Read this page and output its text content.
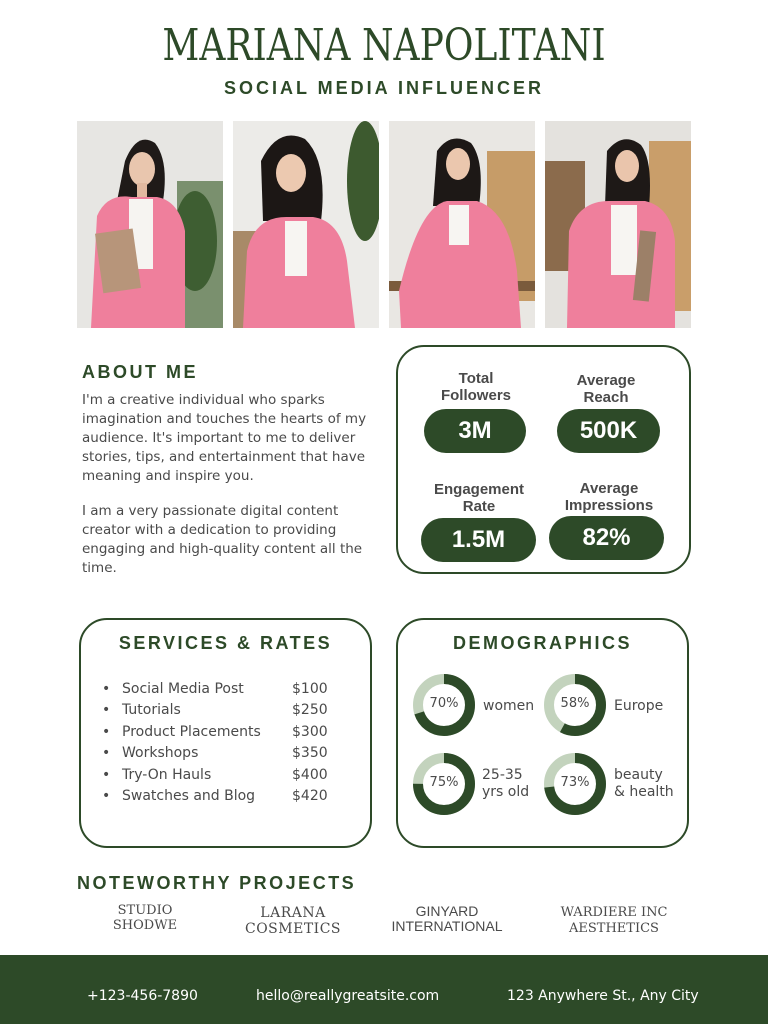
MARIANA NAPOLITANI
SOCIAL MEDIA INFLUENCER
ABOUT ME
I'm a creative individual who sparks imagination and touches the hearts of my audience. It's important to me to deliver stories, tips, and entertainment that have meaning and inspire you.
I am a very passionate digital content creator with a dedication to providing engaging and high-quality content all the time.
Total
Followers
3M
Average
Reach
500K
Engagement
Rate
1.5M
Average
Impressions
82%
SERVICES & RATES
• Social Media Post	$100
• Tutorials	$250
• Product Placements $300
• Workshops	$350
• Try-On Hauls	$400
• Swatches and Blog	$420
DEMOGRAPHICS
70%	women	58%	Europe
75%	25-35
yrs old
73%	beauty
& health
NOTEWORTHY PROJECTS
STUDIO
SHODWE
LARANA
COSMETICS
GINYARD
INTERNATIONAL
WARDIERE INC
AESTHETICS
+123-456-7890	hello@reallygreatsite.com	123 Anywhere St., Any City
